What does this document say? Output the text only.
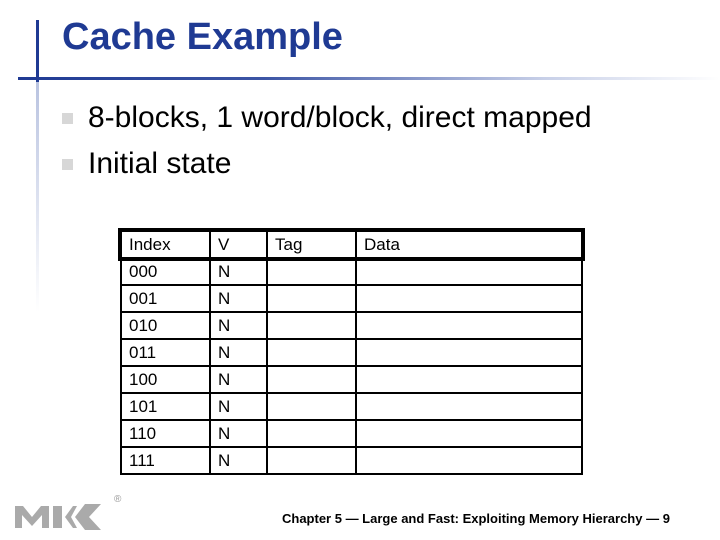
Cache Example
8-blocks, 1 word/block, direct mapped
Initial state
Index	V	Tag	Data
000	N		
001	N		
010	N		
011	N		
100	N		
101	N		
110	N		
111	N		
®
Chapter 5 — Large and Fast: Exploiting Memory Hierarchy — 9
